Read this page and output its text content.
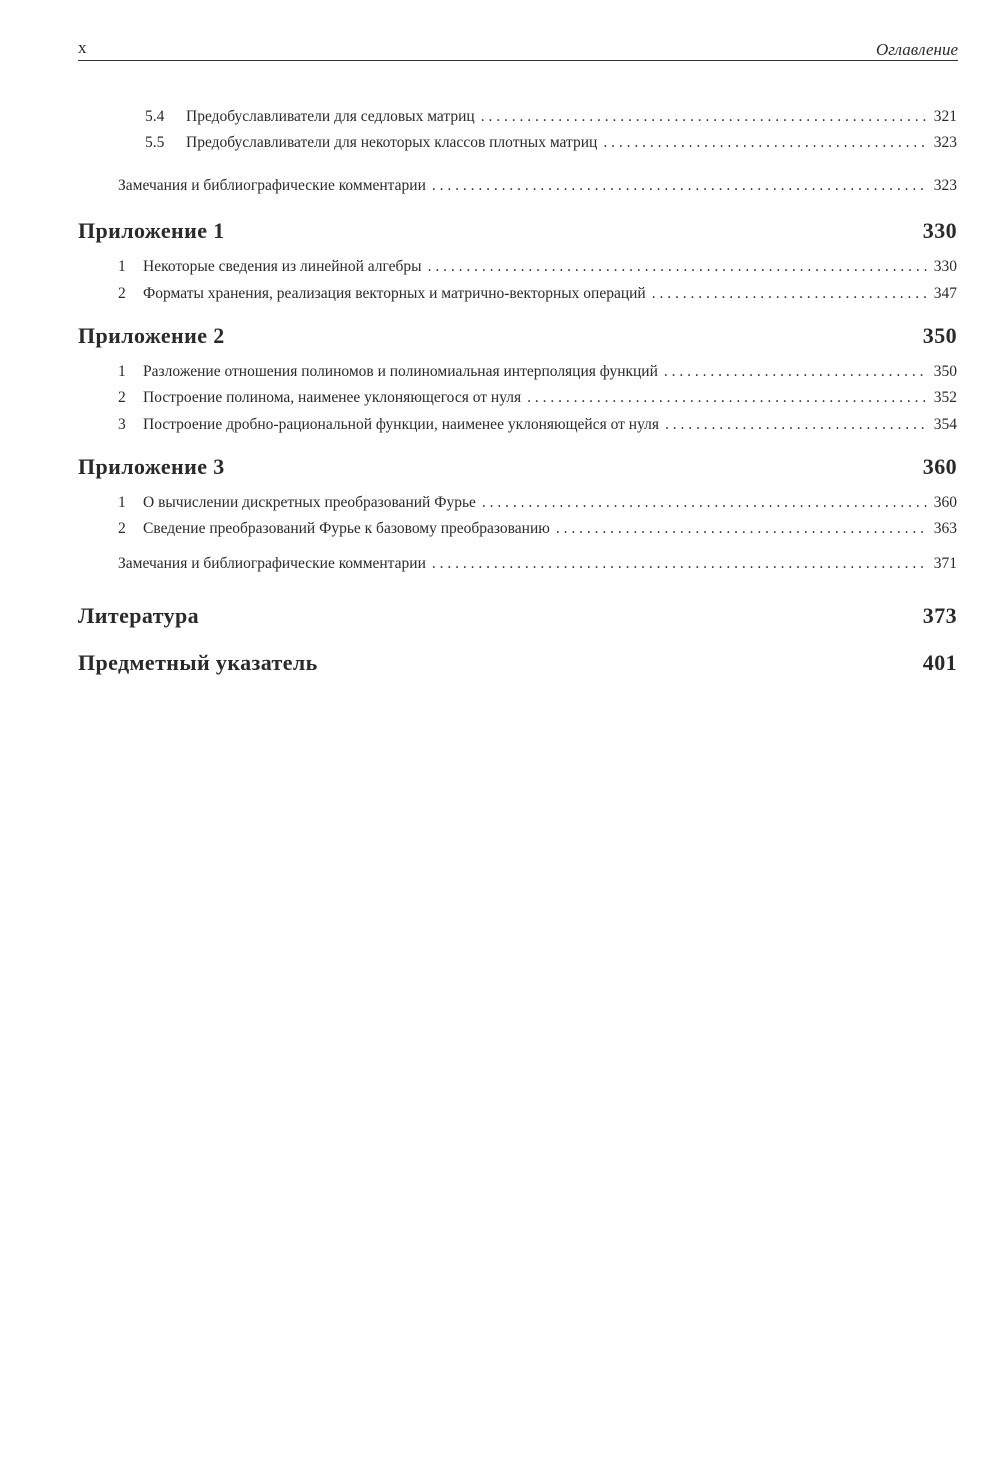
x	Оглавление
5.4	Предобуславливатели для седловых матриц . . .	321
5.5	Предобуславливатели для некоторых классов плотных матриц . . .	323
Замечания и библиографические комментарии . . .	323
Приложение 1	330
1	Некоторые сведения из линейной алгебры . . .	330
2	Форматы хранения, реализация векторных и матрично-векторных операций . . .	347
Приложение 2	350
1	Разложение отношения полиномов и полиномиальная интерполяция функций . . .	350
2	Построение полинома, наименее уклоняющегося от нуля . . .	352
3	Построение дробно-рациональной функции, наименее уклоняющейся от нуля . . .	354
Приложение 3	360
1	О вычислении дискретных преобразований Фурье . . .	360
2	Сведение преобразований Фурье к базовому преобразованию . . .	363
Замечания и библиографические комментарии . . .	371
Литература	373
Предметный указатель	401
